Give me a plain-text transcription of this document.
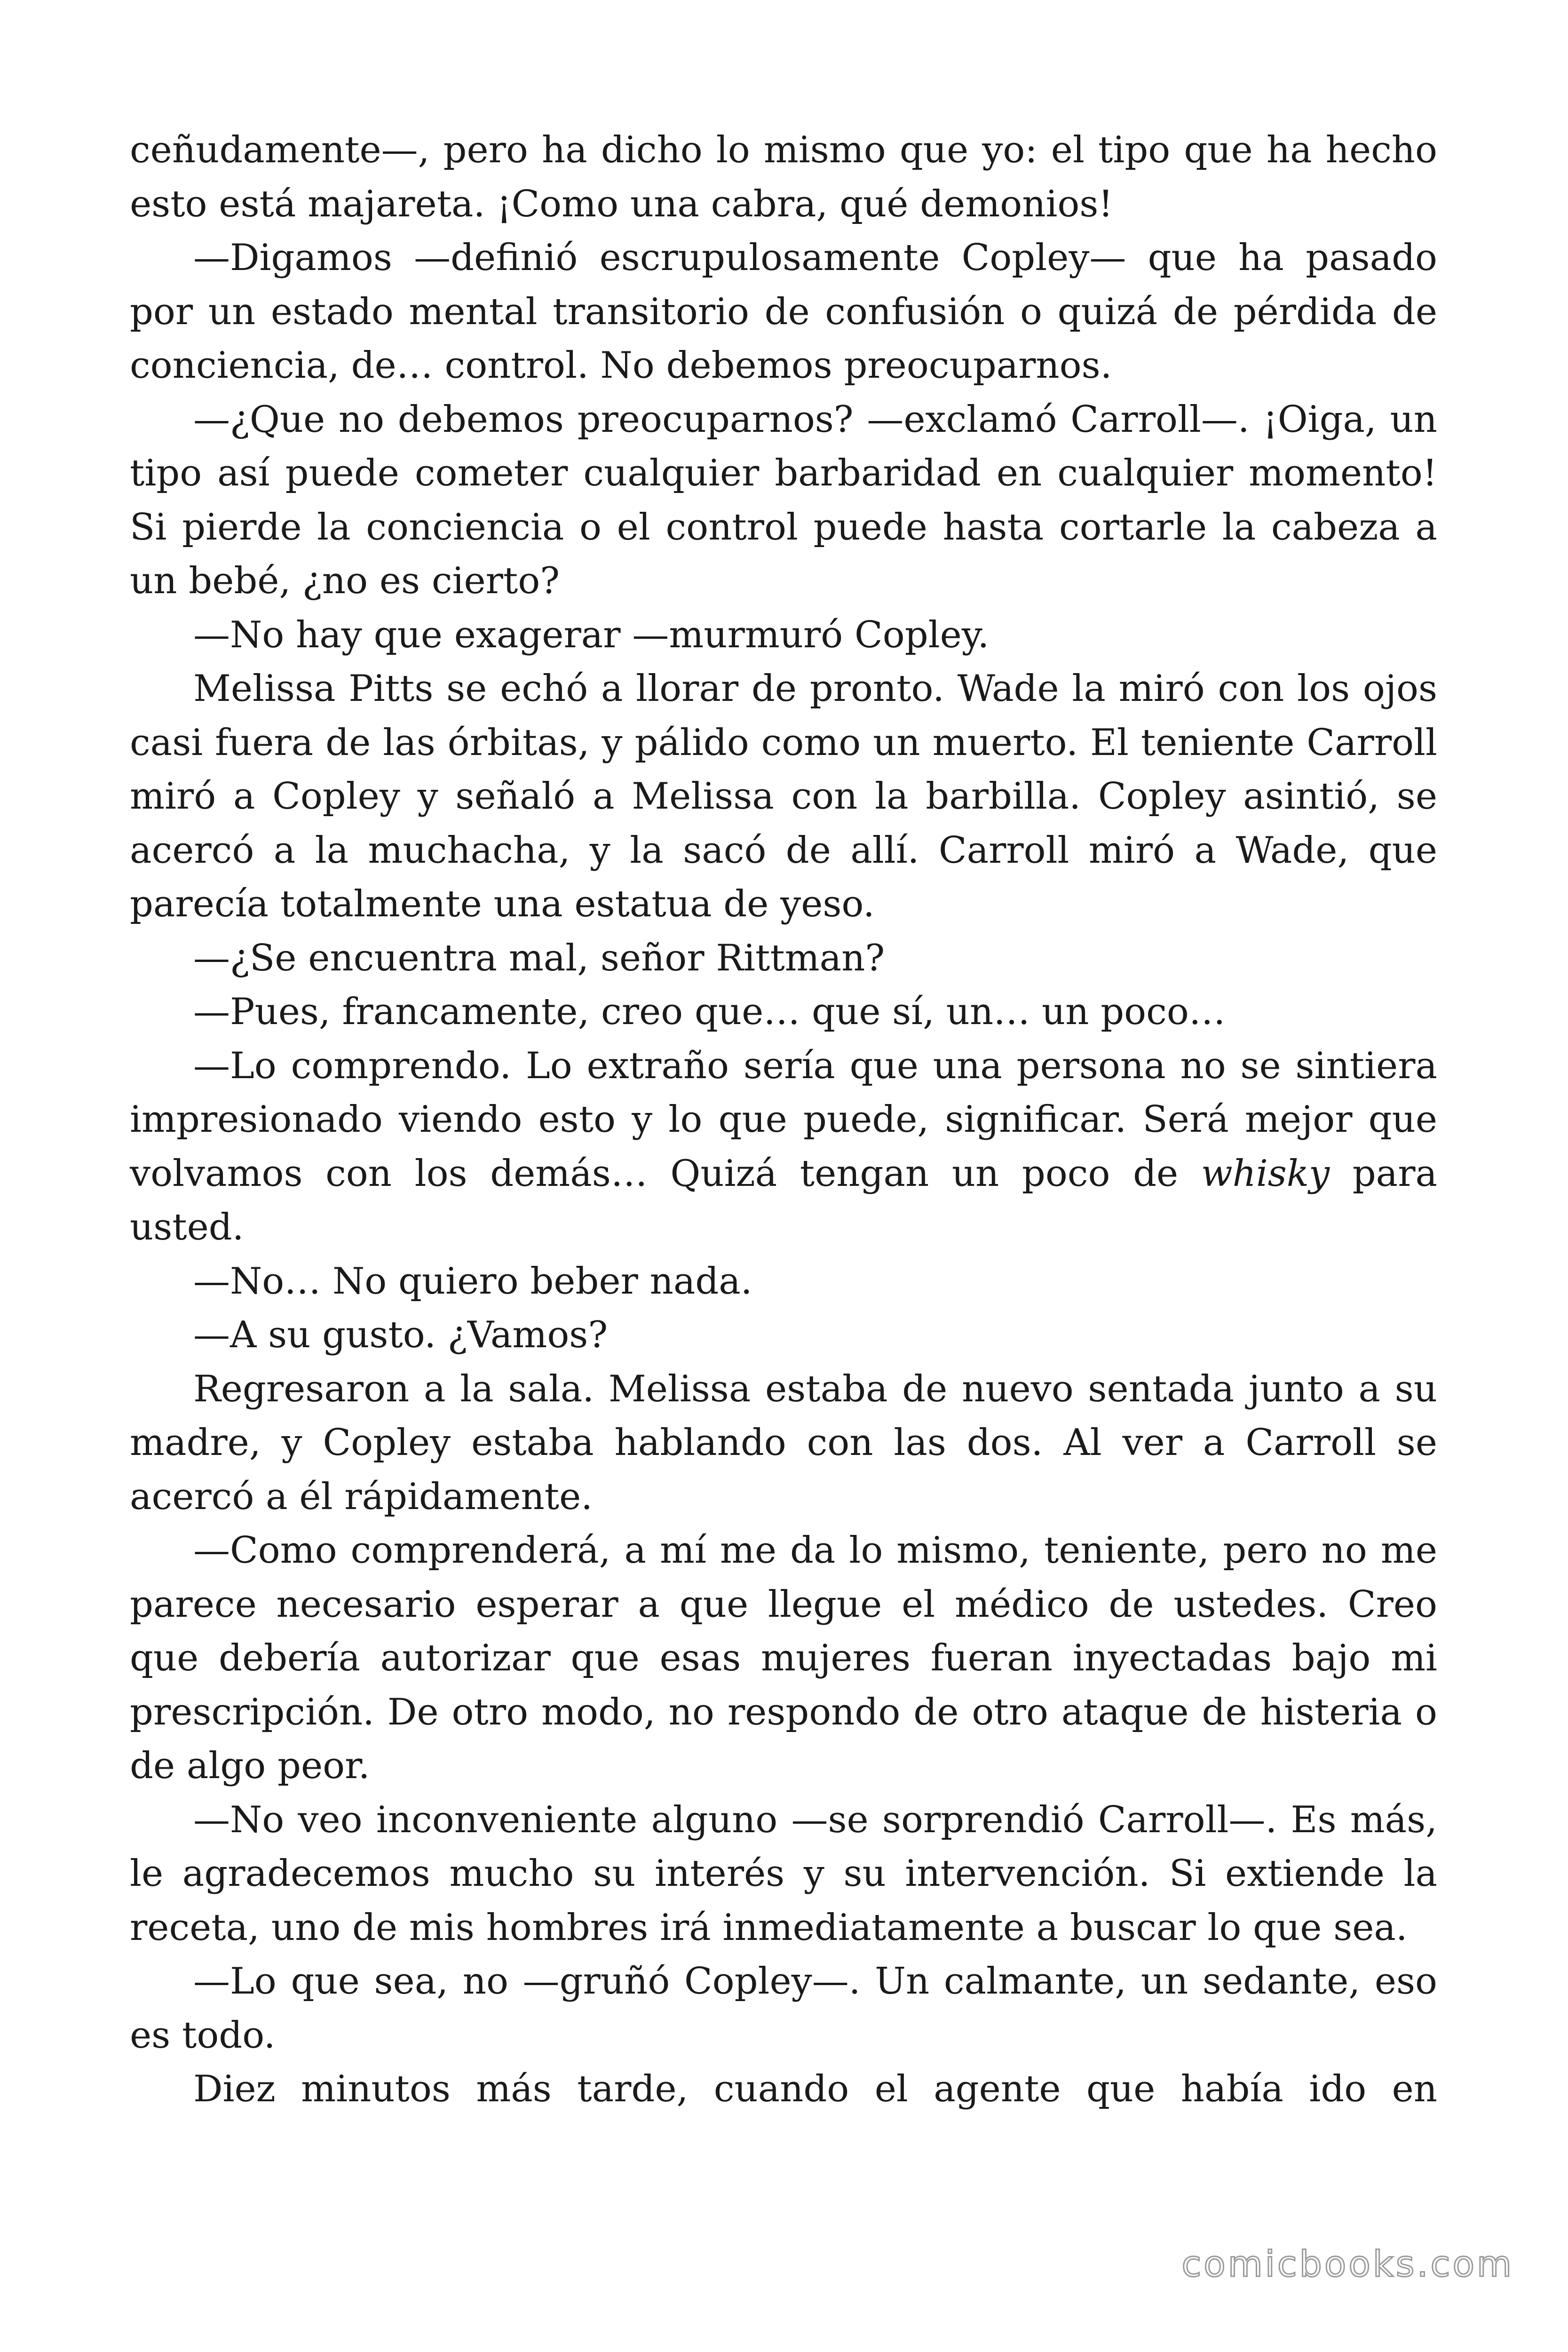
ceñudamente—, pero ha dicho lo mismo que yo: el tipo que ha hecho esto está majareta. ¡Como una cabra, qué demonios!

—Digamos —definió escrupulosamente Copley— que ha pasado por un estado mental transitorio de confusión o quizá de pérdida de conciencia, de… control. No debemos preocuparnos.

—¿Que no debemos preocuparnos? —exclamó Carroll—. ¡Oiga, un tipo así puede cometer cualquier barbaridad en cualquier momento! Si pierde la conciencia o el control puede hasta cortarle la cabeza a un bebé, ¿no es cierto?

—No hay que exagerar —murmuró Copley.

Melissa Pitts se echó a llorar de pronto. Wade la miró con los ojos casi fuera de las órbitas, y pálido como un muerto. El teniente Carroll miró a Copley y señaló a Melissa con la barbilla. Copley asintió, se acercó a la muchacha, y la sacó de allí. Carroll miró a Wade, que parecía totalmente una estatua de yeso.

—¿Se encuentra mal, señor Rittman?

—Pues, francamente, creo que… que sí, un… un poco…

—Lo comprendo. Lo extraño sería que una persona no se sintiera impresionado viendo esto y lo que puede, significar. Será mejor que volvamos con los demás… Quizá tengan un poco de whisky para usted.

—No… No quiero beber nada.

—A su gusto. ¿Vamos?

Regresaron a la sala. Melissa estaba de nuevo sentada junto a su madre, y Copley estaba hablando con las dos. Al ver a Carroll se acercó a él rápidamente.

—Como comprenderá, a mí me da lo mismo, teniente, pero no me parece necesario esperar a que llegue el médico de ustedes. Creo que debería autorizar que esas mujeres fueran inyectadas bajo mi prescripción. De otro modo, no respondo de otro ataque de histeria o de algo peor.

—No veo inconveniente alguno —se sorprendió Carroll—. Es más, le agradecemos mucho su interés y su intervención. Si extiende la receta, uno de mis hombres irá inmediatamente a buscar lo que sea.

—Lo que sea, no —gruñó Copley—. Un calmante, un sedante, eso es todo.

Diez minutos más tarde, cuando el agente que había ido en

comicbooks.com
